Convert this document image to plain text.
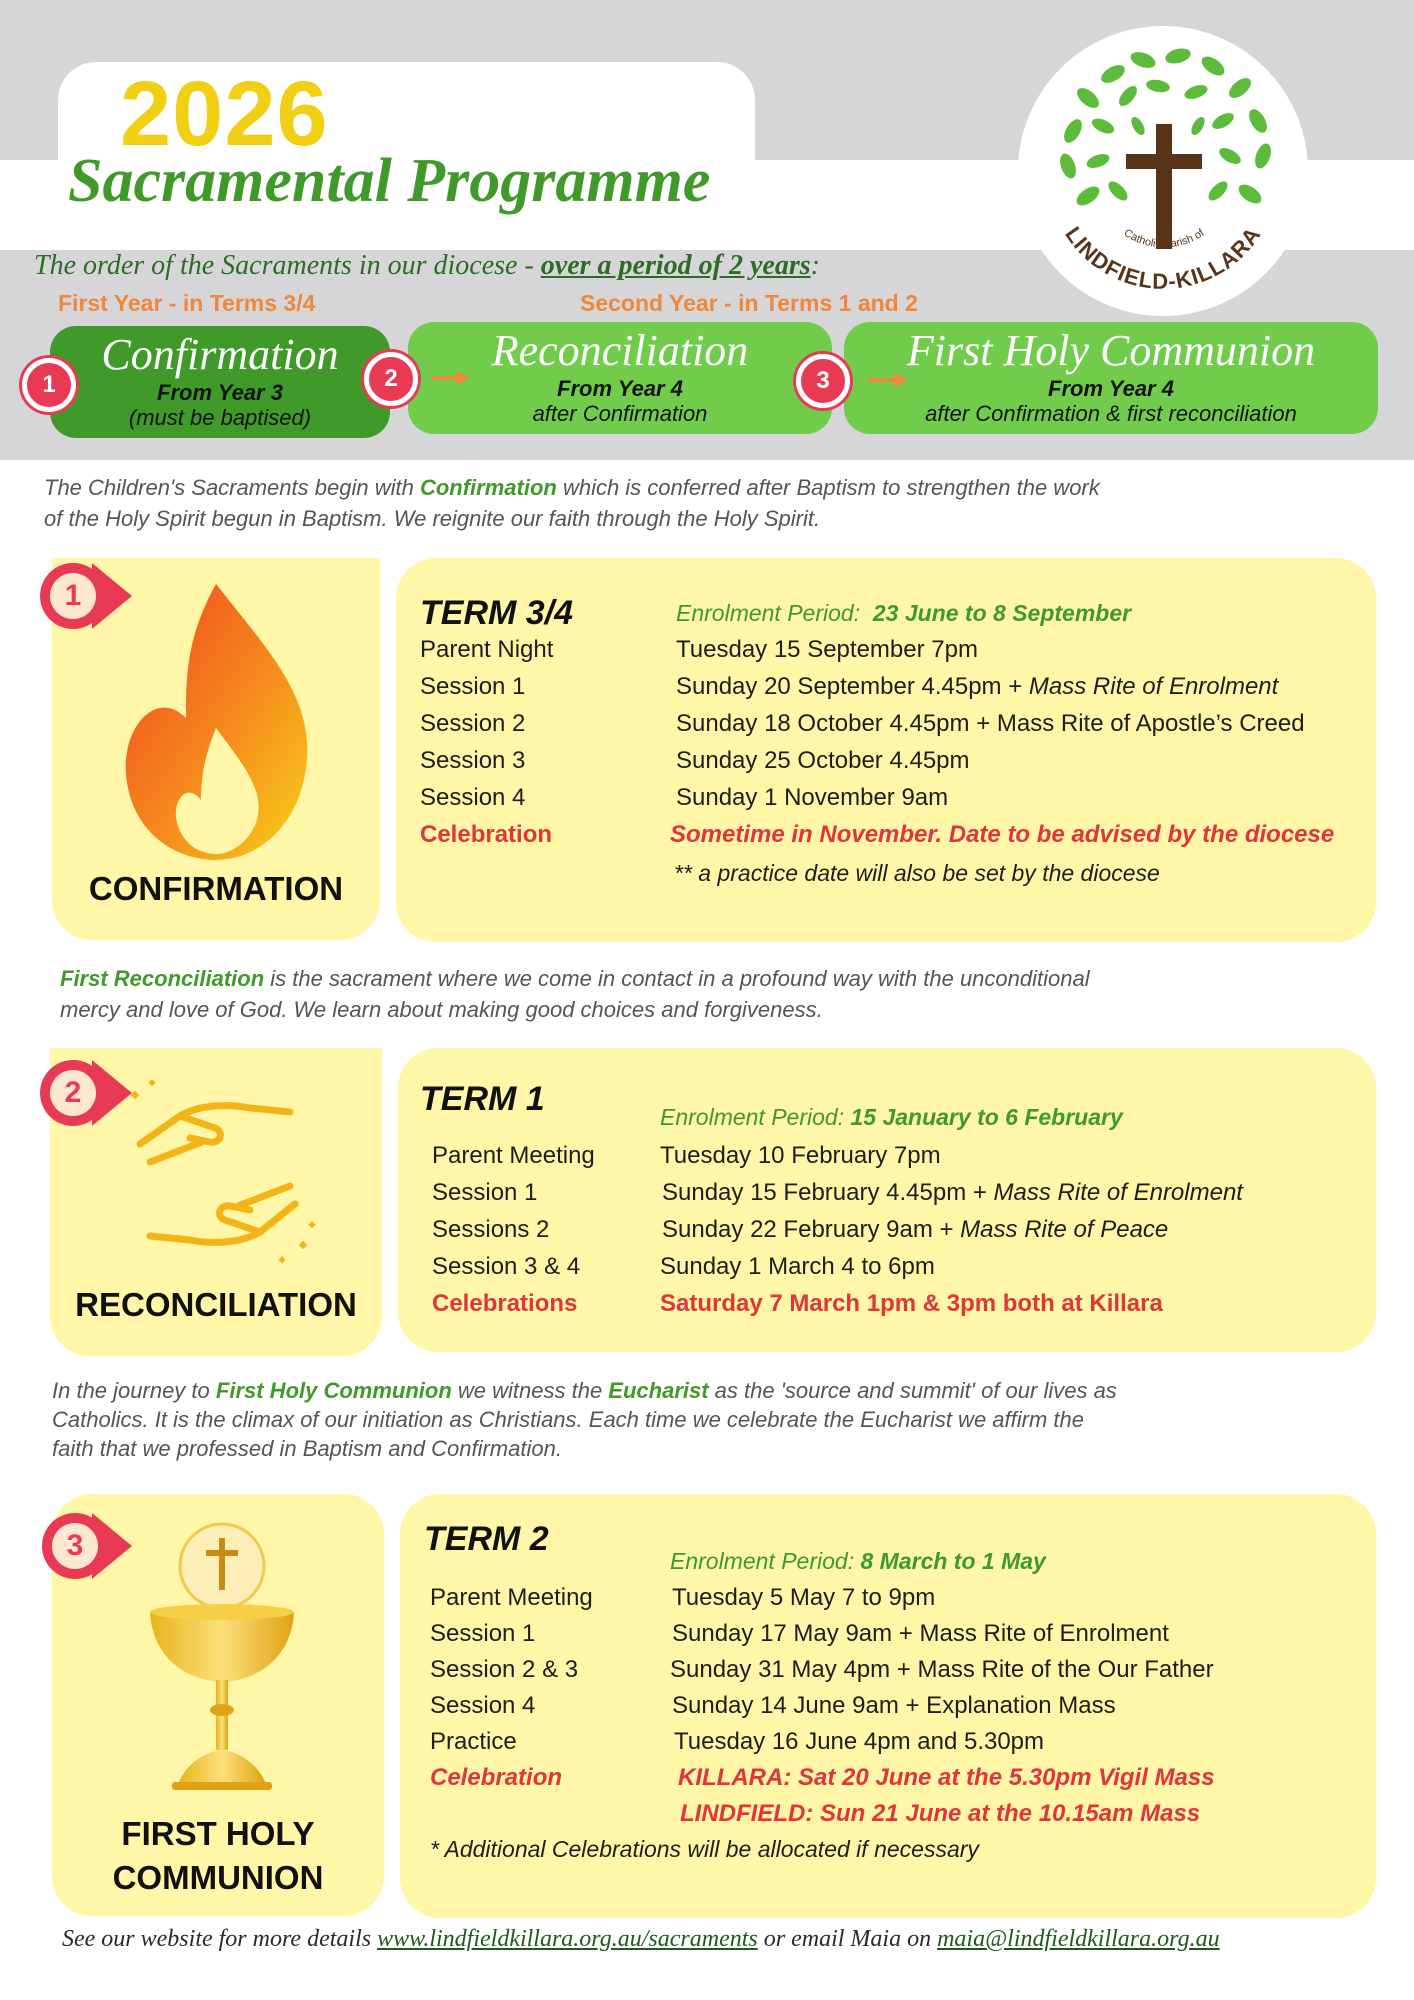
2026
Sacramental Programme
Catholic Parish of
LINDFIELD-KILLARA
The order of the Sacraments in our diocese - over a period of 2 years:
First Year - in Terms 3/4	Second Year - in Terms 1 and 2
Confirmation
From Year 3
(must be baptised)
Reconciliation
From Year 4
after Confirmation
First Holy Communion
From Year 4
after Confirmation & first reconciliation
1	2	3
The Children's Sacraments begin with Confirmation which is conferred after Baptism to strengthen the work
of the Holy Spirit begun in Baptism. We reignite our faith through the Holy Spirit.
CONFIRMATION
1	TERM 3/4	Enrolment Period: 23 June to 8 September
Parent Night	Tuesday 15 September 7pm
Session 1	Sunday 20 September 4.45pm + Mass Rite of Enrolment
Session 2	Sunday 18 October 4.45pm + Mass Rite of Apostle’s Creed
Session 3	Sunday 25 October 4.45pm
Session 4	Sunday 1 November 9am
Celebration	Sometime in November. Date to be advised by the diocese
** a practice date will also be set by the diocese
First Reconciliation is the sacrament where we come in contact in a profound way with the unconditional
mercy and love of God. We learn about making good choices and forgiveness.
RECONCILIATION
2	TERM 1	Enrolment Period: 15 January to 6 February
Parent Meeting	Tuesday 10 February 7pm
Session 1	Sunday 15 February 4.45pm + Mass Rite of Enrolment
Sessions 2	Sunday 22 February 9am + Mass Rite of Peace
Session 3 & 4	Sunday 1 March 4 to 6pm
Celebrations	Saturday 7 March 1pm & 3pm both at Killara
In the journey to First Holy Communion we witness the Eucharist as the 'source and summit' of our lives as
Catholics. It is the climax of our initiation as Christians. Each time we celebrate the Eucharist we affirm the
faith that we professed in Baptism and Confirmation.
FIRST HOLY
COMMUNION
3	TERM 2
Enrolment Period: 8 March to 1 May
Parent Meeting	Tuesday 5 May 7 to 9pm
Session 1	Sunday 17 May 9am + Mass Rite of Enrolment
Session 2 & 3	Sunday 31 May 4pm + Mass Rite of the Our Father
Session 4	Sunday 14 June 9am + Explanation Mass
Practice	Tuesday 16 June 4pm and 5.30pm
Celebration	KILLARA: Sat 20 June at the 5.30pm Vigil Mass
LINDFIELD: Sun 21 June at the 10.15am Mass
* Additional Celebrations will be allocated if necessary
See our website for more details www.lindfieldkillara.org.au/sacraments or email Maia on maia@lindfieldkillara.org.au
